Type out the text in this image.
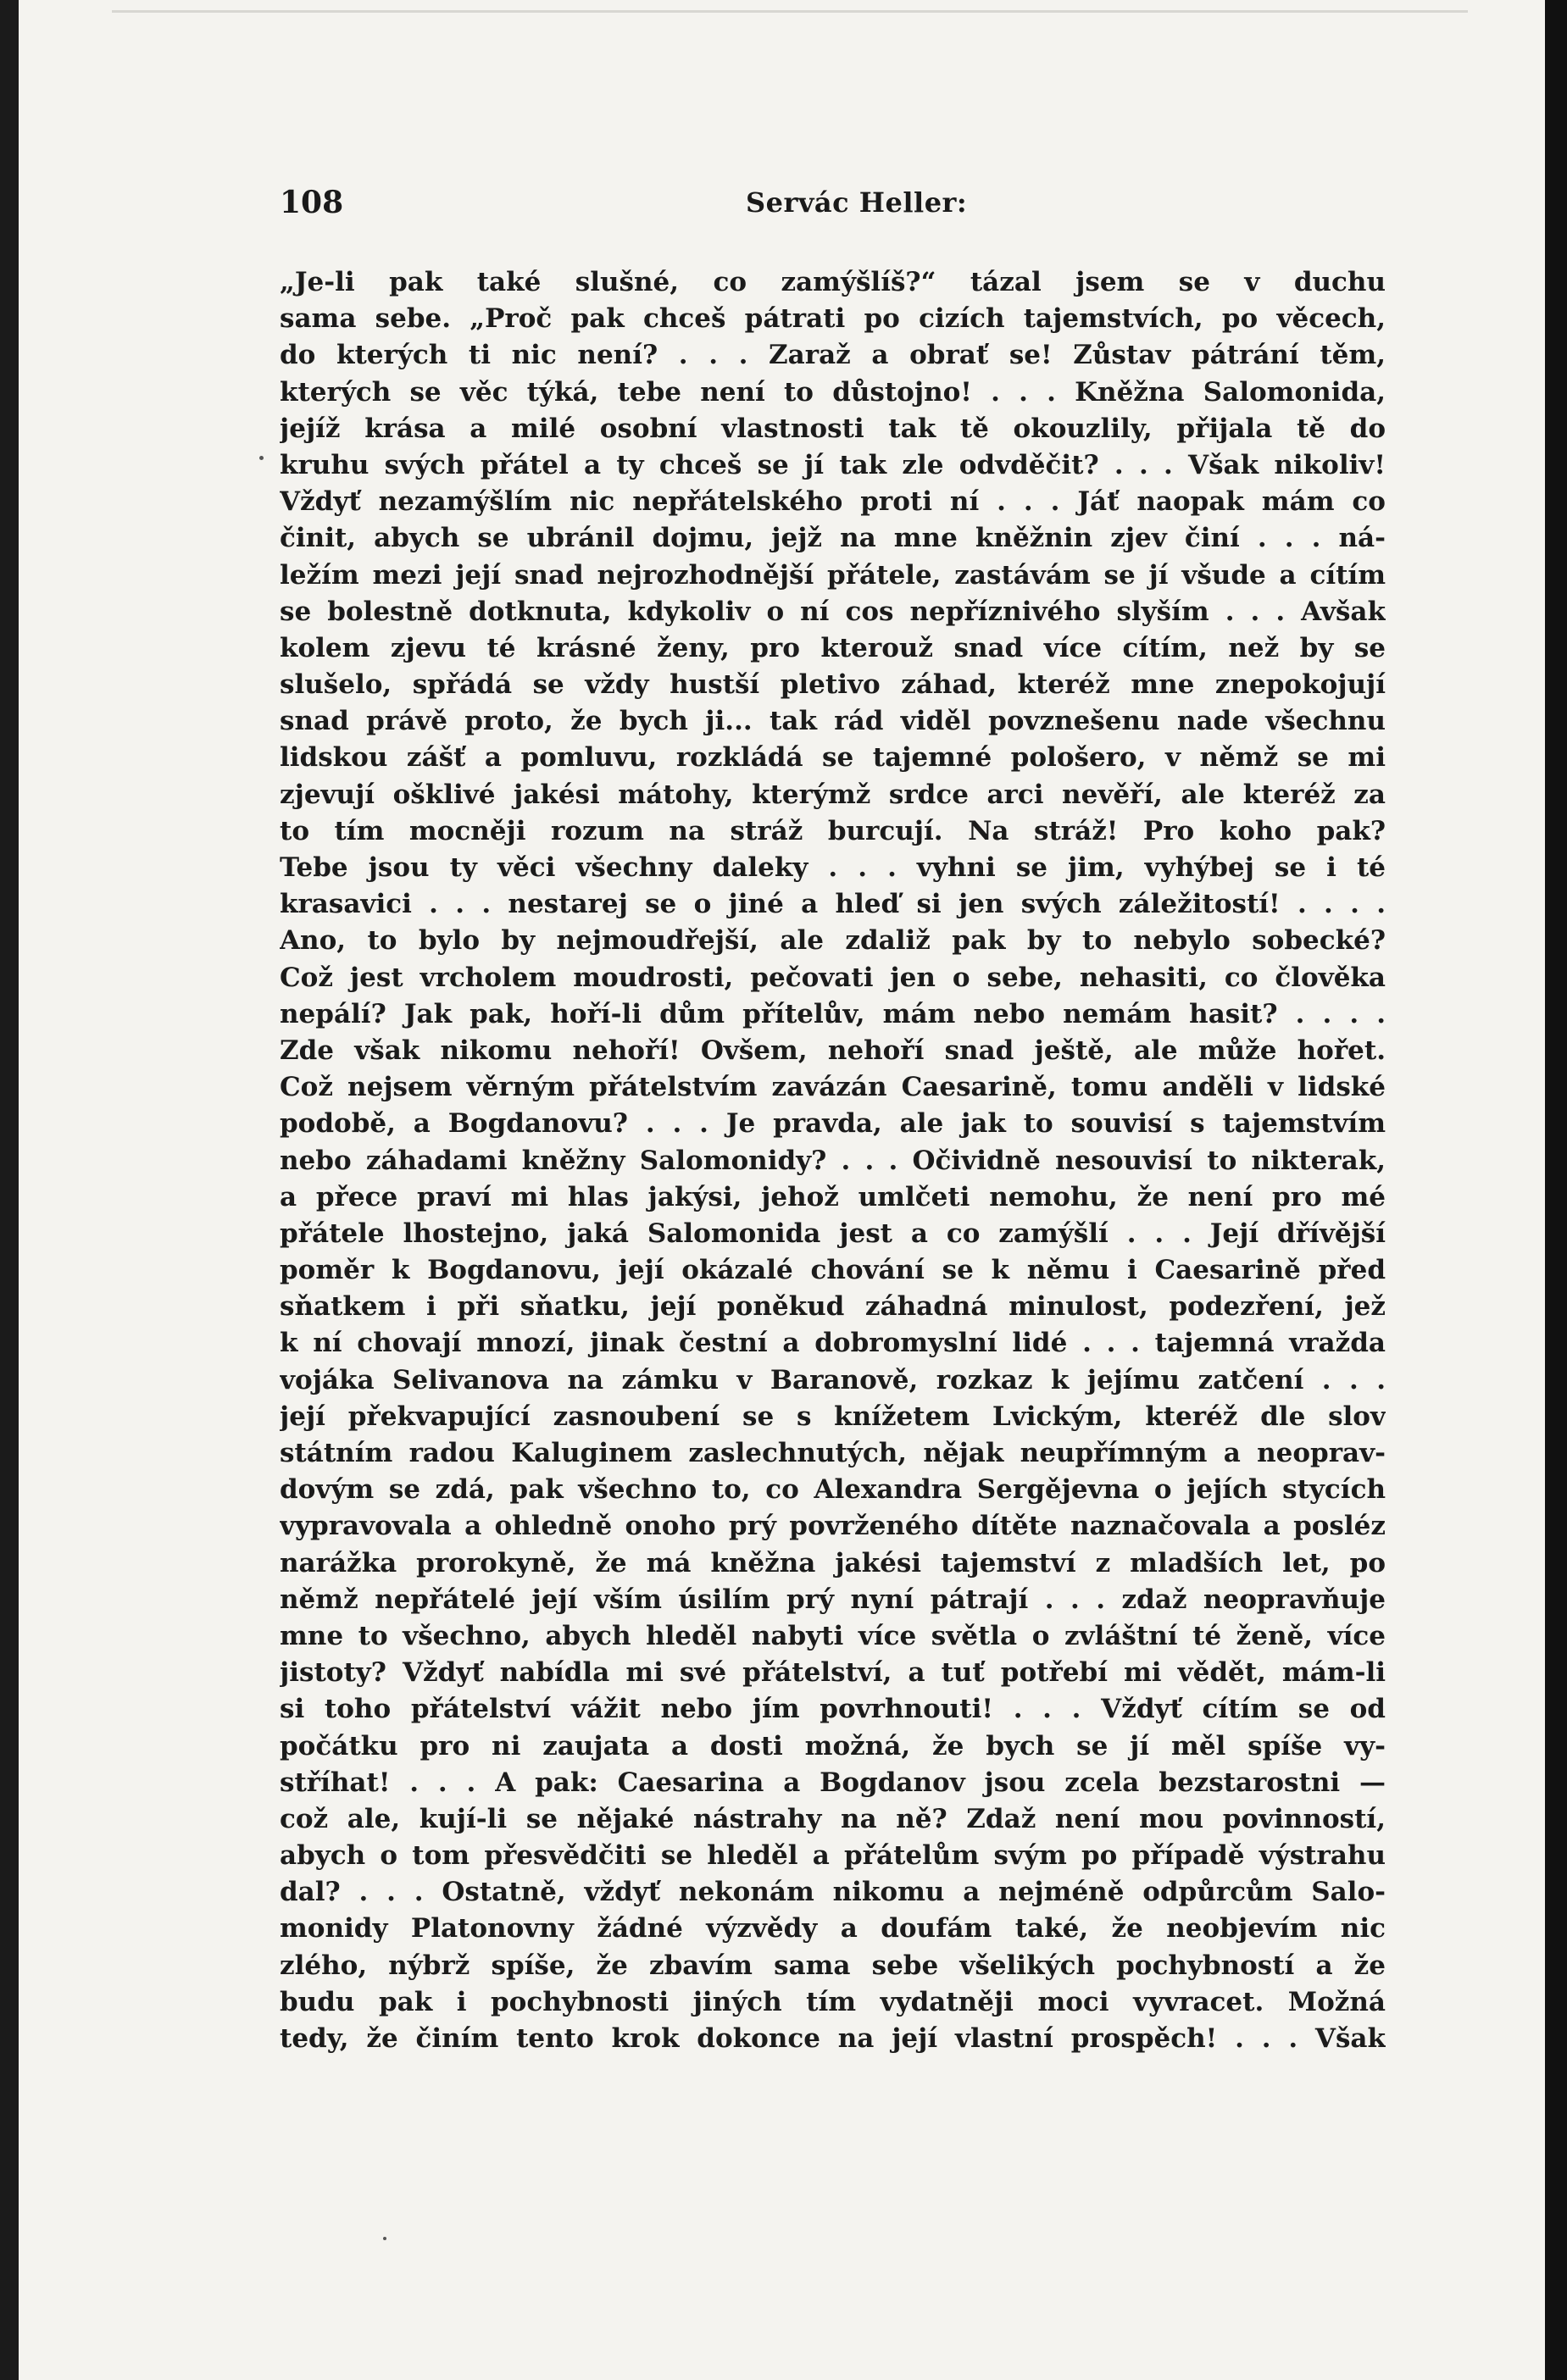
108	Servác Heller:
„Je-li pak také slušné, co zamýšlíš?“ tázal jsem se v duchu
sama sebe. „Proč pak chceš pátrati po cizích tajemstvích, po věcech,
do kterých ti nic není? . . . Zaraž a obrať se! Zůstav pátrání těm,
kterých se věc týká, tebe není to důstojno! . . . Kněžna Salomonida,
jejíž krása a milé osobní vlastnosti tak tě okouzlily, přijala tě do
kruhu svých přátel a ty chceš se jí tak zle odvděčit? . . . Však nikoliv!
Vždyť nezamýšlím nic nepřátelského proti ní . . . Jáť naopak mám co
činit, abych se ubránil dojmu, jejž na mne kněžnin zjev činí . . . ná-
ležím mezi její snad nejrozhodnější přátele, zastávám se jí všude a cítím
se bolestně dotknuta, kdykoliv o ní cos nepříznivého slyším . . . Avšak
kolem zjevu té krásné ženy, pro kterouž snad více cítím, než by se
slušelo, spřádá se vždy hustší pletivo záhad, kteréž mne znepokojují
snad právě proto, že bych ji... tak rád viděl povznešenu nade všechnu
lidskou zášť a pomluvu, rozkládá se tajemné pološero, v němž se mi
zjevují ošklivé jakési mátohy, kterýmž srdce arci nevěří, ale kteréž za
to tím mocněji rozum na stráž burcují. Na stráž! Pro koho pak?
Tebe jsou ty věci všechny daleky . . . vyhni se jim, vyhýbej se i té
krasavici . . . nestarej se o jiné a hleď si jen svých záležitostí! . . . .
Ano, to bylo by nejmoudřejší, ale zdaliž pak by to nebylo sobecké?
Což jest vrcholem moudrosti, pečovati jen o sebe, nehasiti, co člověka
nepálí? Jak pak, hoří-li dům přítelův, mám nebo nemám hasit? . . . .
Zde však nikomu nehoří! Ovšem, nehoří snad ještě, ale může hořet.
Což nejsem věrným přátelstvím zavázán Caesarině, tomu anděli v lidské
podobě, a Bogdanovu? . . . Je pravda, ale jak to souvisí s tajemstvím
nebo záhadami kněžny Salomonidy? . . . Očividně nesouvisí to nikterak,
a přece praví mi hlas jakýsi, jehož umlčeti nemohu, že není pro mé
přátele lhostejno, jaká Salomonida jest a co zamýšlí . . . Její dřívější
poměr k Bogdanovu, její okázalé chování se k němu i Caesarině před
sňatkem i při sňatku, její poněkud záhadná minulost, podezření, jež
k ní chovají mnozí, jinak čestní a dobromyslní lidé . . . tajemná vražda
vojáka Selivanova na zámku v Baranově, rozkaz k jejímu zatčení . . .
její překvapující zasnoubení se s knížetem Lvickým, kteréž dle slov
státním radou Kaluginem zaslechnutých, nějak neupřímným a neoprav-
dovým se zdá, pak všechno to, co Alexandra Sergějevna o jejích stycích
vypravovala a ohledně onoho prý povrženého dítěte naznačovala a posléz
narážka prorokyně, že má kněžna jakési tajemství z mladších let, po
němž nepřátelé její vším úsilím prý nyní pátrají . . . zdaž neopravňuje
mne to všechno, abych hleděl nabyti více světla o zvláštní té ženě, více
jistoty? Vždyť nabídla mi své přátelství, a tuť potřebí mi vědět, mám-li
si toho přátelství vážit nebo jím povrhnouti! . . . Vždyť cítím se od
počátku pro ni zaujata a dosti možná, že bych se jí měl spíše vy-
stříhat! . . . A pak: Caesarina a Bogdanov jsou zcela bezstarostni —
což ale, kují-li se nějaké nástrahy na ně? Zdaž není mou povinností,
abych o tom přesvědčiti se hleděl a přátelům svým po případě výstrahu
dal? . . . Ostatně, vždyť nekonám nikomu a nejméně odpůrcům Salo-
monidy Platonovny žádné výzvědy a doufám také, že neobjevím nic
zlého, nýbrž spíše, že zbavím sama sebe všelikých pochybností a že
budu pak i pochybnosti jiných tím vydatněji moci vyvracet. Možná
tedy, že činím tento krok dokonce na její vlastní prospěch! . . . Však
